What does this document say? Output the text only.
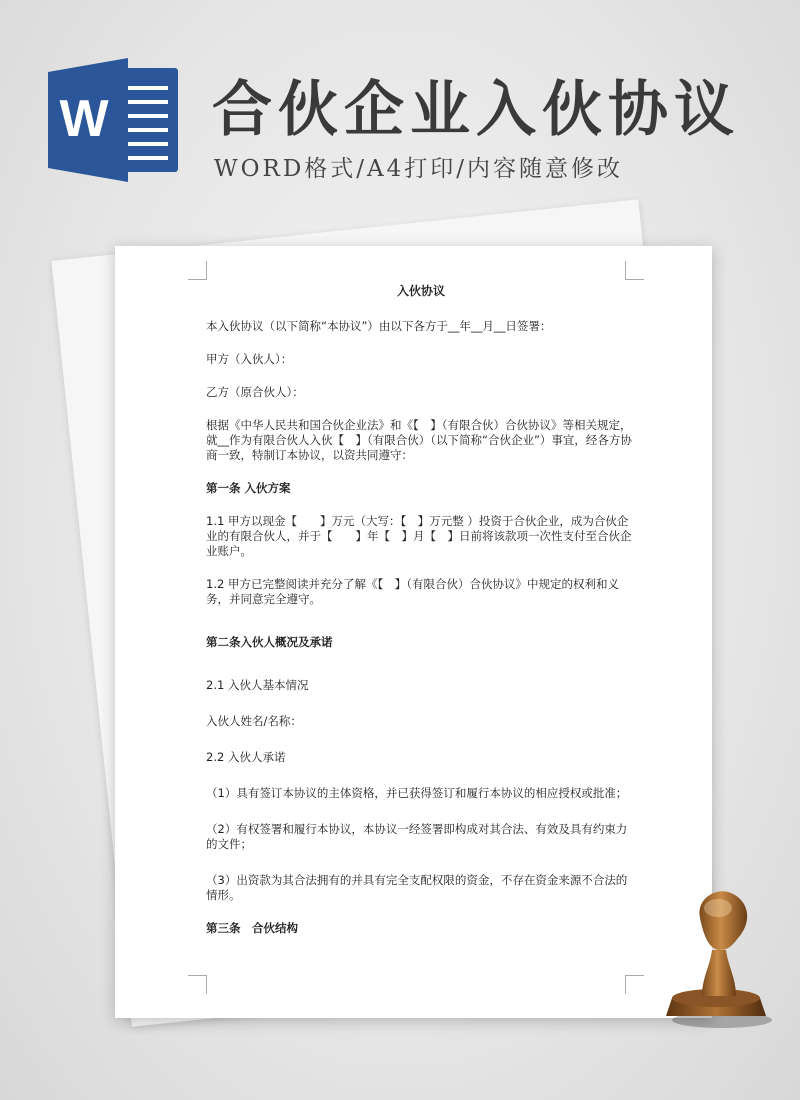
W 合伙企业入伙协议

WORD格式/A4打印/内容随意修改

入伙协议

本入伙协议（以下简称“本协议”）由以下各方于__年__月__日签署：

甲方（入伙人）：

乙方（原合伙人）：

根据《中华人民共和国合伙企业法》和《【　】（有限合伙）合伙协议》等相关规定，就__作为有限合伙人入伙【　】（有限合伙）（以下简称“合伙企业”）事宜，经各方协商一致，特制订本协议，以资共同遵守：

第一条 入伙方案

1.1 甲方以现金【　　】万元（大写：【　】万元整 ）投资于合伙企业，成为合伙企业的有限合伙人，并于【　　】年【　】月【　】日前将该款项一次性支付至合伙企业账户。

1.2 甲方已完整阅读并充分了解《【　】（有限合伙）合伙协议》中规定的权利和义务，并同意完全遵守。

第二条入伙人概况及承诺

2.1 入伙人基本情况

入伙人姓名/名称：

2.2 入伙人承诺

（1）具有签订本协议的主体资格，并已获得签订和履行本协议的相应授权或批准；

（2）有权签署和履行本协议，本协议一经签署即构成对其合法、有效及具有约束力的文件；

（3）出资款为其合法拥有的并具有完全支配权限的资金，不存在资金来源不合法的情形。

第三条　合伙结构
